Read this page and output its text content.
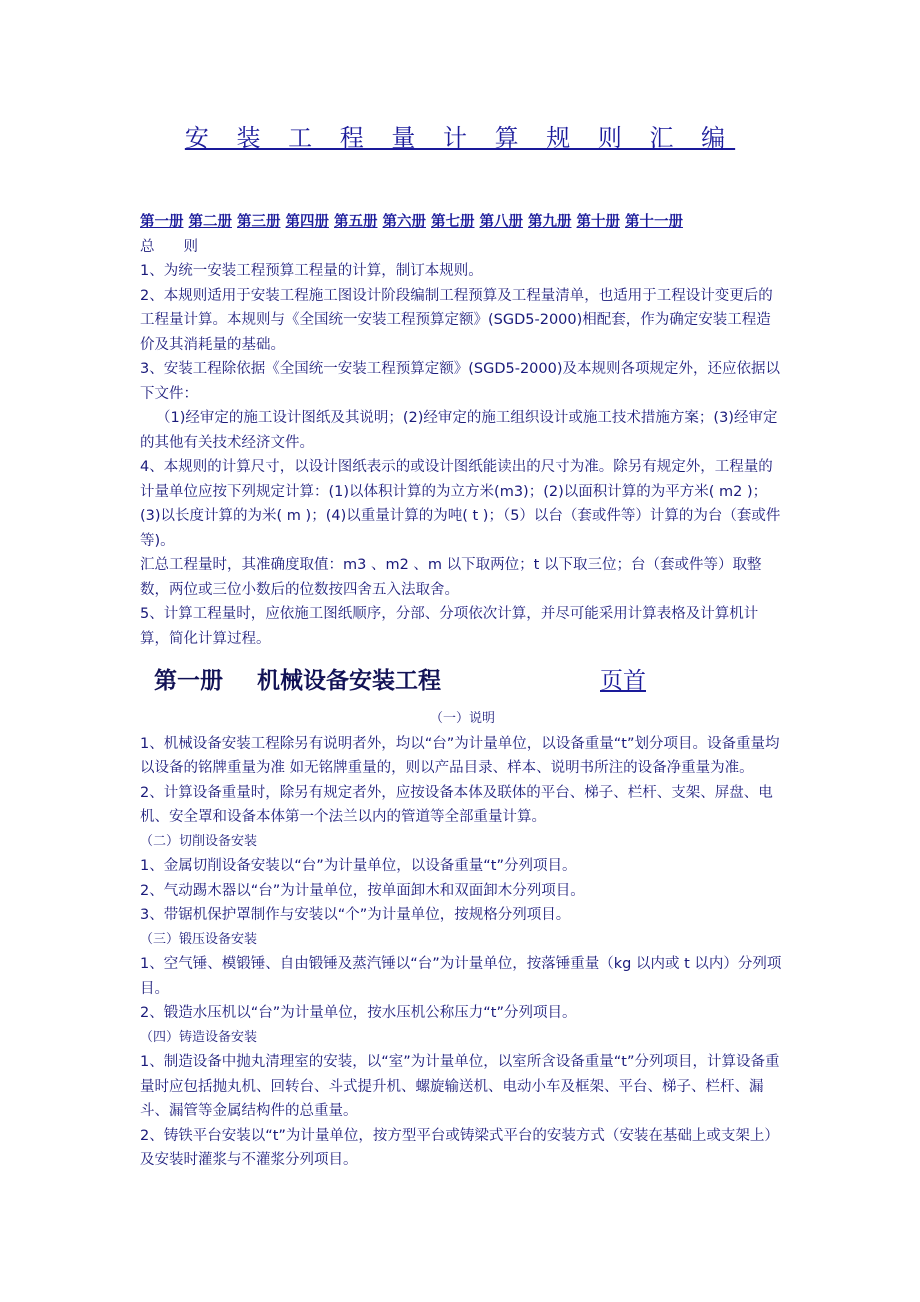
安 装 工 程 量 计 算 规 则 汇 编

第一册 第二册 第三册 第四册 第五册 第六册 第七册 第八册 第九册 第十册 第十一册

总　　则

1、为统一安装工程预算工程量的计算，制订本规则。

2、本规则适用于安装工程施工图设计阶段编制工程预算及工程量清单，也适用于工程设计变更后的工程量计算。本规则与《全国统一安装工程预算定额》(SGD5-2000)相配套，作为确定安装工程造价及其消耗量的基础。

3、安装工程除依据《全国统一安装工程预算定额》(SGD5-2000)及本规则各项规定外，还应依据以下文件：

（1)经审定的施工设计图纸及其说明；(2)经审定的施工组织设计或施工技术措施方案；(3)经审定的其他有关技术经济文件。

4、本规则的计算尺寸，以设计图纸表示的或设计图纸能读出的尺寸为准。除另有规定外，工程量的计量单位应按下列规定计算：(1)以体积计算的为立方米(m3)；(2)以面积计算的为平方米( m2 )；(3)以长度计算的为米( m )；(4)以重量计算的为吨( t )；（5）以台（套或件等）计算的为台（套或件等)。

汇总工程量时，其准确度取值：m3 、m2 、m 以下取两位；t 以下取三位；台（套或件等）取整数，两位或三位小数后的位数按四舍五入法取舍。

5、计算工程量时，应依施工图纸顺序，分部、分项依次计算，并尽可能采用计算表格及计算机计算，简化计算过程。

第一册 机械设备安装工程	页首

（一）说明

1、机械设备安装工程除另有说明者外，均以“台”为计量单位，以设备重量“t”划分项目。设备重量均以设备的铭牌重量为准 如无铭牌重量的，则以产品目录、样本、说明书所注的设备净重量为准。

2、计算设备重量时，除另有规定者外，应按设备本体及联体的平台、梯子、栏杆、支架、屏盘、电机、安全罩和设备本体第一个法兰以内的管道等全部重量计算。

（二）切削设备安装

1、金属切削设备安装以“台”为计量单位，以设备重量“t”分列项目。

2、气动踢木器以“台”为计量单位，按单面卸木和双面卸木分列项目。

3、带锯机保护罩制作与安装以“个”为计量单位，按规格分列项目。

（三）锻压设备安装

1、空气锤、模锻锤、自由锻锤及蒸汽锤以“台”为计量单位，按落锤重量（kg 以内或 t 以内）分列项目。

2、锻造水压机以“台”为计量单位，按水压机公称压力“t”分列项目。

（四）铸造设备安装

1、制造设备中抛丸清理室的安装，以“室”为计量单位，以室所含设备重量“t”分列项目，计算设备重量时应包括抛丸机、回转台、斗式提升机、螺旋输送机、电动小车及框架、平台、梯子、栏杆、漏斗、漏管等金属结构件的总重量。

2、铸铁平台安装以“t”为计量单位，按方型平台或铸梁式平台的安装方式（安装在基础上或支架上）及安装时灌浆与不灌浆分列项目。
